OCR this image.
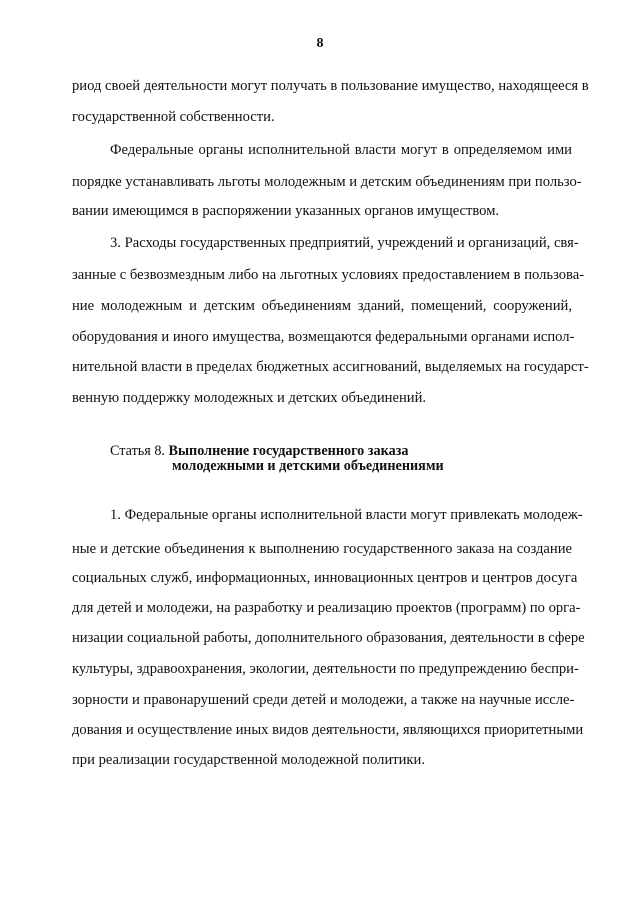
8
риод своей деятельности могут получать в пользование имущество, находящееся в
государственной собственности.
Федеральные органы исполнительной власти могут в определяемом ими
порядке устанавливать льготы молодежным и детским объединениям при пользо-
вании имеющимся в распоряжении указанных органов имуществом.
3. Расходы государственных предприятий, учреждений и организаций, свя-
занные с безвозмездным либо на льготных условиях предоставлением в пользова-
ние молодежным и детским объединениям зданий, помещений, сооружений,
оборудования и иного имущества, возмещаются федеральными органами испол-
нительной власти в пределах бюджетных ассигнований, выделяемых на государст-
венную поддержку молодежных и детских объединений.
Статья 8. Выполнение государственного заказа
молодежными и детскими объединениями
1. Федеральные органы исполнительной власти могут привлекать молодеж-
ные и детские объединения к выполнению государственного заказа на создание
социальных служб, информационных, инновационных центров и центров досуга
для детей и молодежи, на разработку и реализацию проектов (программ) по орга-
низации социальной работы, дополнительного образования, деятельности в сфере
культуры, здравоохранения, экологии, деятельности по предупреждению беспри-
зорности и правонарушений среди детей и молодежи, а также на научные иссле-
дования и осуществление иных видов деятельности, являющихся приоритетными
при реализации государственной молодежной политики.
